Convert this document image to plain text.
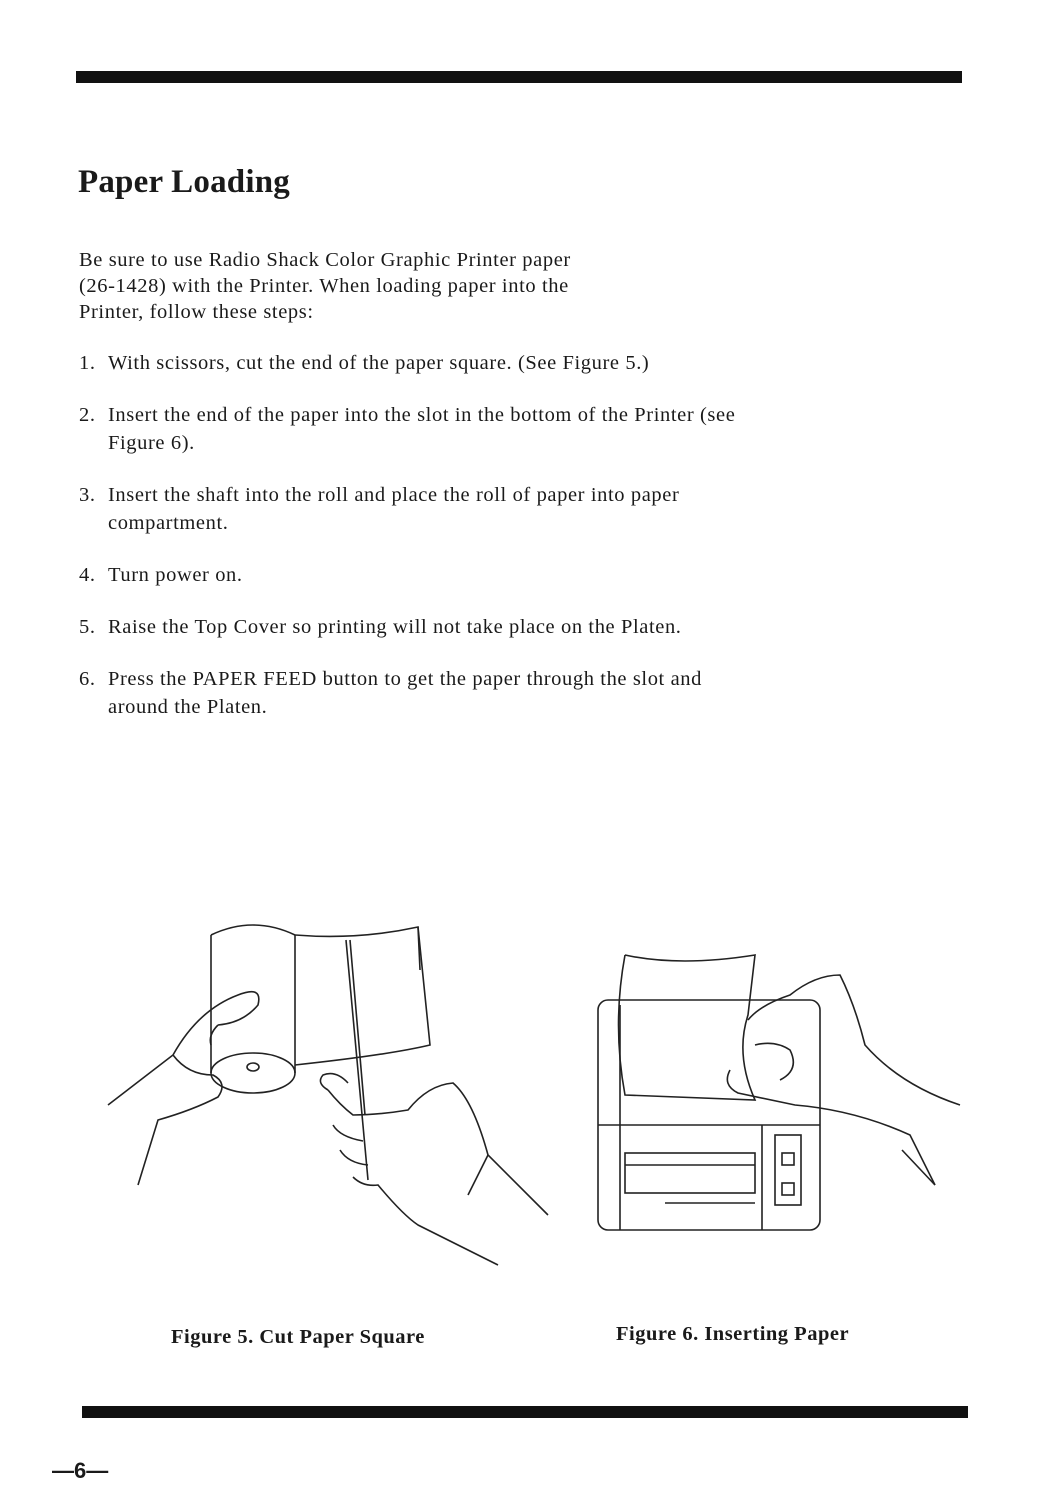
Paper Loading
Be sure to use Radio Shack Color Graphic Printer paper
(26-1428) with the Printer. When loading paper into the
Printer, follow these steps:
1. With scissors, cut the end of the paper square. (See Figure 5.)
2. Insert the end of the paper into the slot in the bottom of the Printer (see Figure 6).
3. Insert the shaft into the roll and place the roll of paper into paper compartment.
4. Turn power on.
5. Raise the Top Cover so printing will not take place on the Platen.
6. Press the PAPER FEED button to get the paper through the slot and around the Platen.
Figure 5. Cut Paper Square	Figure 6. Inserting Paper
—6—
